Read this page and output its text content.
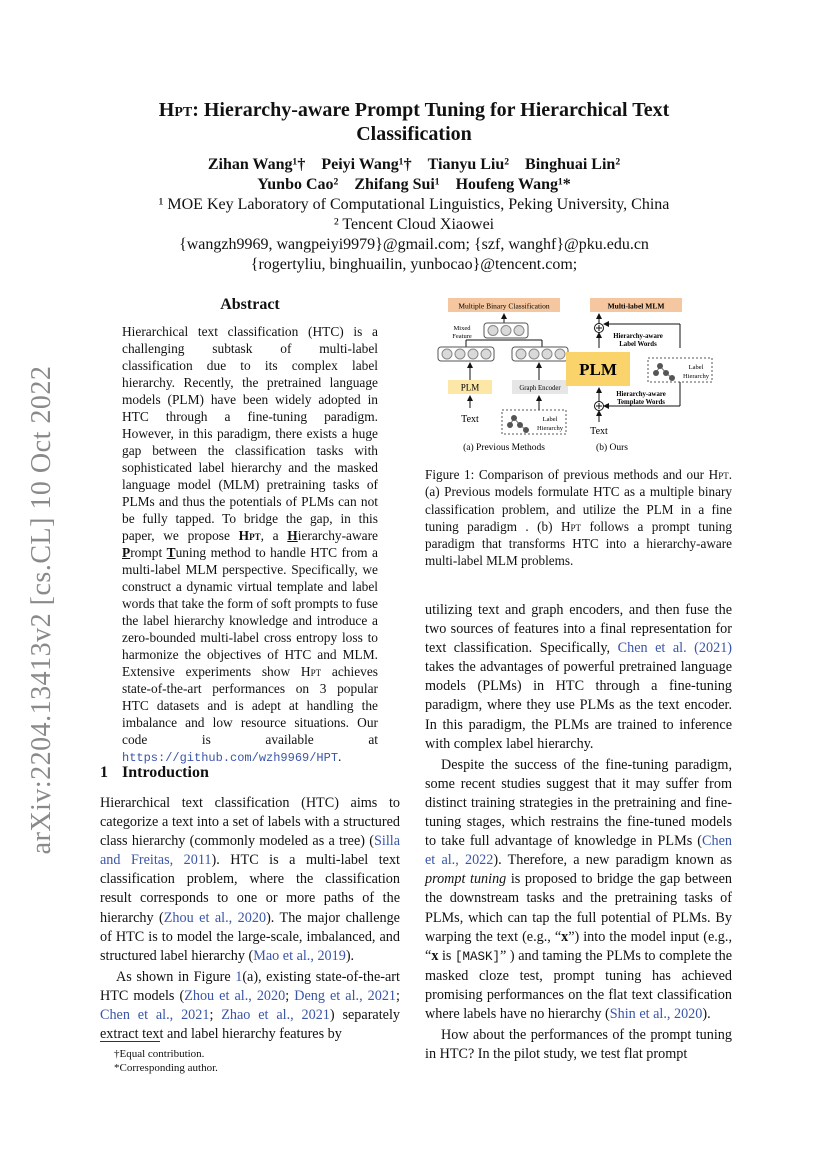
arXiv:2204.13413v2 [cs.CL] 10 Oct 2022
Hpt: Hierarchy-aware Prompt Tuning for Hierarchical Text
Classification
Zihan Wang¹† Peiyi Wang¹† Tianyu Liu² Binghuai Lin²
Yunbo Cao² Zhifang Sui¹ Houfeng Wang¹*
¹ MOE Key Laboratory of Computational Linguistics, Peking University, China
² Tencent Cloud Xiaowei
{wangzh9969, wangpeiyi9979}@gmail.com; {szf, wanghf}@pku.edu.cn
{rogertyliu, binghuailin, yunbocao}@tencent.com;
Abstract
Hierarchical text classification (HTC) is a challenging subtask of multi-label classification due to its complex label hierarchy. Recently, the pretrained language models (PLM) have been widely adopted in HTC through a fine-tuning paradigm. However, in this paradigm, there exists a huge gap between the classification tasks with sophisticated label hierarchy and the masked language model (MLM) pretraining tasks of PLMs and thus the potentials of PLMs can not be fully tapped. To bridge the gap, in this paper, we propose Hpt, a Hierarchy-aware Prompt Tuning method to handle HTC from a multi-label MLM perspective. Specifically, we construct a dynamic virtual template and label words that take the form of soft prompts to fuse the label hierarchy knowledge and introduce a zero-bounded multi-label cross entropy loss to harmonize the objectives of HTC and MLM. Extensive experiments show Hpt achieves state-of-the-art performances on 3 popular HTC datasets and is adept at handling the imbalance and low resource situations. Our code is available at https://github.com/wzh9969/HPT.
1 Introduction

Hierarchical text classification (HTC) aims to categorize a text into a set of labels with a structured class hierarchy (commonly modeled as a tree) (Silla and Freitas, 2011). HTC is a multi-label text classification problem, where the classification result corresponds to one or more paths of the hierarchy (Zhou et al., 2020). The major challenge of HTC is to model the large-scale, imbalanced, and structured label hierarchy (Mao et al., 2019).

As shown in Figure 1(a), existing state-of-the-art HTC models (Zhou et al., 2020; Deng et al., 2021; Chen et al., 2021; Zhao et al., 2021) separately extract text and label hierarchy features by

†Equal contribution.
*Corresponding author.
Multiple Binary Classification
Mixed
Feature
PLM	Graph Encoder
Text	Label
Hierarchy
(a) Previous Methods
Multi-label MLM
Hierarchy-aware
Label Words
PLM	Label
Hierarchy
Hierarchy-aware
Template Words
Text
(b) Ours
Figure 1: Comparison of previous methods and our Hpt. (a) Previous models formulate HTC as a multiple binary classification problem, and utilize the PLM in a fine tuning paradigm . (b) Hpt follows a prompt tuning paradigm that transforms HTC into a hierarchy-aware multi-label MLM problems.

utilizing text and graph encoders, and then fuse the two sources of features into a final representation for text classification. Specifically, Chen et al. (2021) takes the advantages of powerful pretrained language models (PLMs) in HTC through a fine-tuning paradigm, where they use PLMs as the text encoder. In this paradigm, the PLMs are trained to inference with complex label hierarchy.

Despite the success of the fine-tuning paradigm, some recent studies suggest that it may suffer from distinct training strategies in the pretraining and fine-tuning stages, which restrains the fine-tuned models to take full advantage of knowledge in PLMs (Chen et al., 2022). Therefore, a new paradigm known as prompt tuning is proposed to bridge the gap between the downstream tasks and the pretraining tasks of PLMs, which can tap the full potential of PLMs. By warping the text (e.g., “x”) into the model input (e.g., “x is [MASK]” ) and taming the PLMs to complete the masked cloze test, prompt tuning has achieved promising performances on the flat text classification where labels have no hierarchy (Shin et al., 2020).

How about the performances of the prompt tuning in HTC? In the pilot study, we test flat prompt
